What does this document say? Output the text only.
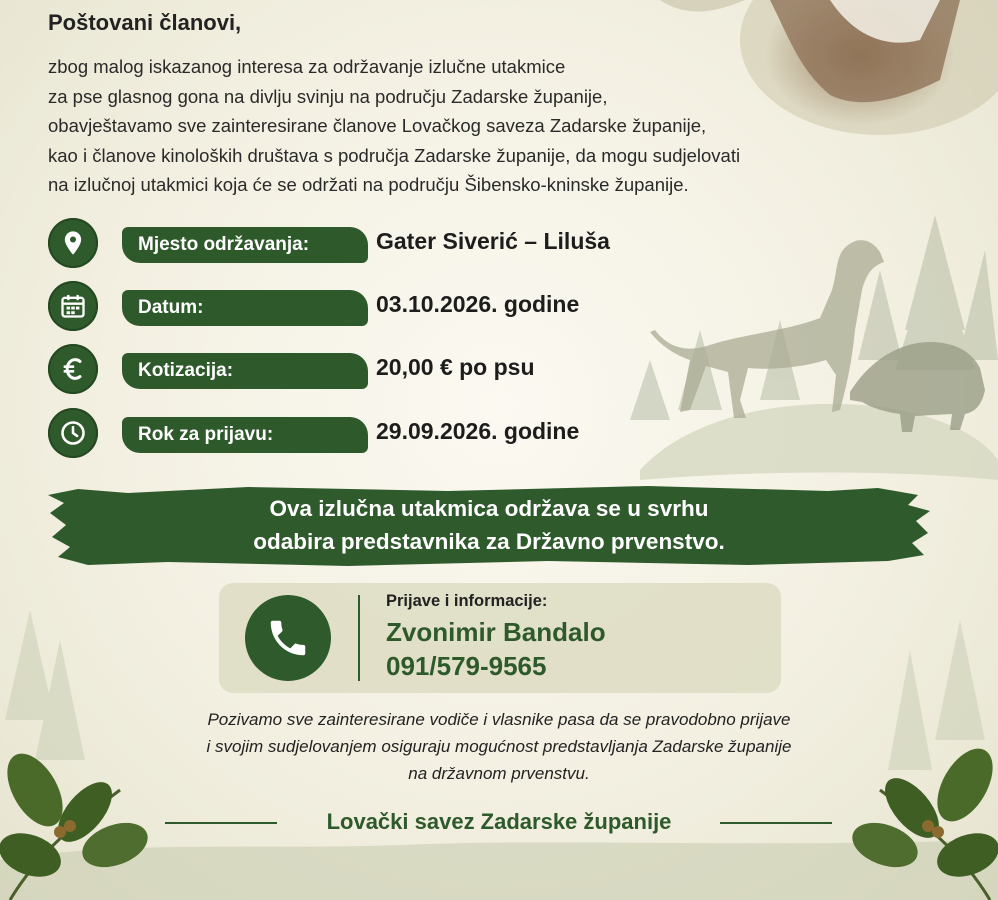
Poštovani članovi,
zbog malog iskazanog interesa za održavanje izlučne utakmice
za pse glasnog gona na divlju svinju na području Zadarske županije,
obavještavamo sve zainteresirane članove Lovačkog saveza Zadarske županije,
kao i članove kinoloških društava s područja Zadarske županije, da mogu sudjelovati
na izlučnoj utakmici koja će se održati na području Šibensko-kninske županije.
Mjesto održavanja:	Gater Siverić – Liluša
Datum:	03.10.2026. godine
Kotizacija:	20,00 € po psu
Rok za prijavu:	29.09.2026. godine
Ova izlučna utakmica održava se u svrhu
odabira predstavnika za Državno prvenstvo.
Prijave i informacije:
Zvonimir Bandalo
091/579-9565
Pozivamo sve zainteresirane vodiče i vlasnike pasa da se pravodobno prijave
i svojim sudjelovanjem osiguraju mogućnost predstavljanja Zadarske županije
na državnom prvenstvu.
Lovački savez Zadarske županije
